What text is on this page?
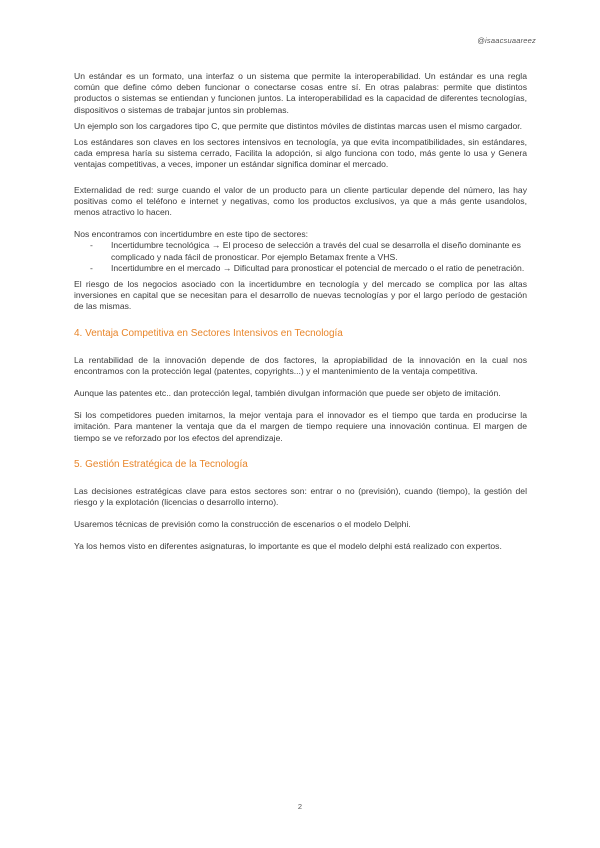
@isaacsuaareez

Un estándar es un formato, una interfaz o un sistema que permite la interoperabilidad. Un estándar es una regla común que define cómo deben funcionar o conectarse cosas entre sí. En otras palabras: permite que distintos productos o sistemas se entiendan y funcionen juntos. La interoperabilidad es la capacidad de diferentes tecnologías, dispositivos o sistemas de trabajar juntos sin problemas.

Un ejemplo son los cargadores tipo C, que permite que distintos móviles de distintas marcas usen el mismo cargador.

Los estándares son claves en los sectores intensivos en tecnología, ya que evita incompatibilidades, sin estándares, cada empresa haría su sistema cerrado, Facilita la adopción, si algo funciona con todo, más gente lo usa y Genera ventajas competitivas, a veces, imponer un estándar significa dominar el mercado.

Externalidad de red: surge cuando el valor de un producto para un cliente particular depende del número, las hay positivas como el teléfono e internet y negativas, como los productos exclusivos, ya que a más gente usandolos, menos atractivo lo hacen.

Nos encontramos con incertidumbre en este tipo de sectores:

- Incertidumbre tecnológica → El proceso de selección a través del cual se desarrolla el diseño dominante es complicado y nada fácil de pronosticar. Por ejemplo Betamax frente a VHS.
- Incertidumbre en el mercado → Dificultad para pronosticar el potencial de mercado o el ratio de penetración.

El riesgo de los negocios asociado con la incertidumbre en tecnología y del mercado se complica por las altas inversiones en capital que se necesitan para el desarrollo de nuevas tecnologías y por el largo período de gestación de las mismas.

4. Ventaja Competitiva en Sectores Intensivos en Tecnología

La rentabilidad de la innovación depende de dos factores, la apropiabilidad de la innovación en la cual nos encontramos con la protección legal (patentes, copyrights...) y el mantenimiento de la ventaja competitiva.

Aunque las patentes etc.. dan protección legal, también divulgan información que puede ser objeto de imitación.

Si los competidores pueden imitarnos, la mejor ventaja para el innovador es el tiempo que tarda en producirse la imitación. Para mantener la ventaja que da el margen de tiempo requiere una innovación continua. El margen de tiempo se ve reforzado por los efectos del aprendizaje.

5. Gestión Estratégica de la Tecnología

Las decisiones estratégicas clave para estos sectores son: entrar o no (previsión), cuando (tiempo), la gestión del riesgo y la explotación (licencias o desarrollo interno).

Usaremos técnicas de previsión como la construcción de escenarios o el modelo Delphi.

Ya los hemos visto en diferentes asignaturas, lo importante es que el modelo delphi está realizado con expertos.

2
